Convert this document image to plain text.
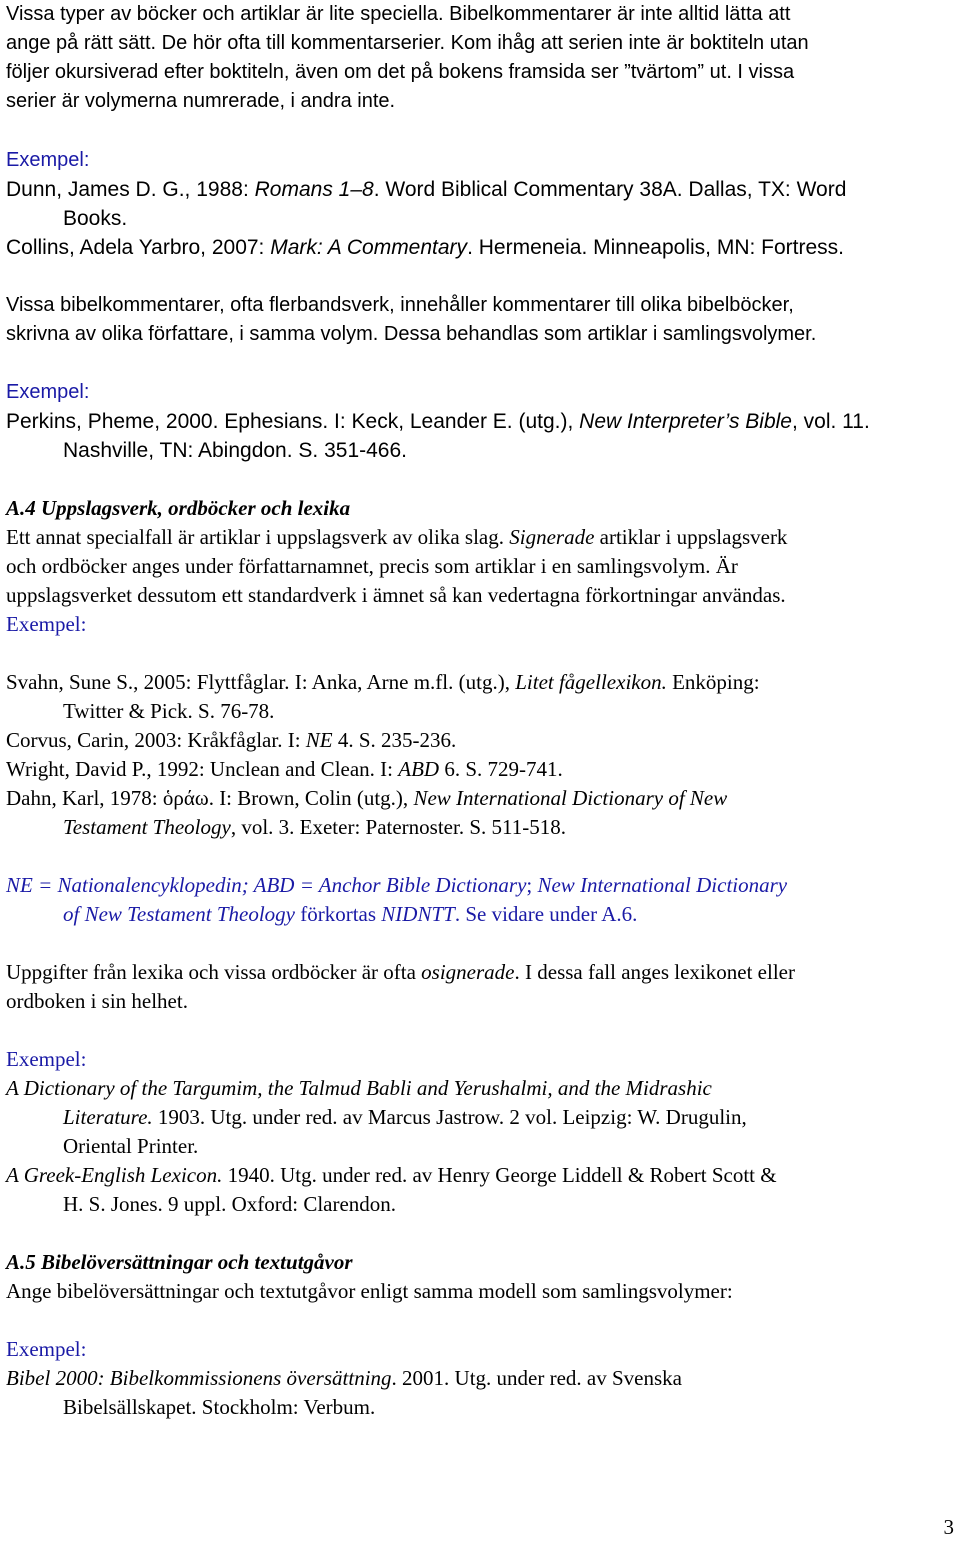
Vissa typer av böcker och artiklar är lite speciella. Bibelkommentarer är inte alltid lätta att
ange på rätt sätt. De hör ofta till kommentarserier. Kom ihåg att serien inte är boktiteln utan
följer okursiverad efter boktiteln, även om det på bokens framsida ser ”tvärtom” ut. I vissa
serier är volymerna numrerade, i andra inte.
Exempel:
Dunn, James D. G., 1988: Romans 1–8. Word Biblical Commentary 38A. Dallas, TX: Word
Books.
Collins, Adela Yarbro, 2007: Mark: A Commentary. Hermeneia. Minneapolis, MN: Fortress.
Vissa bibelkommentarer, ofta flerbandsverk, innehåller kommentarer till olika bibelböcker,
skrivna av olika författare, i samma volym. Dessa behandlas som artiklar i samlingsvolymer.
Exempel:
Perkins, Pheme, 2000. Ephesians. I: Keck, Leander E. (utg.), New Interpreter’s Bible, vol. 11.
Nashville, TN: Abingdon. S. 351-466.
A.4 Uppslagsverk, ordböcker och lexika
Ett annat specialfall är artiklar i uppslagsverk av olika slag. Signerade artiklar i uppslagsverk
och ordböcker anges under författarnamnet, precis som artiklar i en samlingsvolym. Är
uppslagsverket dessutom ett standardverk i ämnet så kan vedertagna förkortningar användas.
Exempel:
Svahn, Sune S., 2005: Flyttfåglar. I: Anka, Arne m.fl. (utg.), Litet fågellexikon. Enköping:
Twitter & Pick. S. 76-78.
Corvus, Carin, 2003: Kråkfåglar. I: NE 4. S. 235-236.
Wright, David P., 1992: Unclean and Clean. I: ABD 6. S. 729-741.
Dahn, Karl, 1978: ὁράω. I: Brown, Colin (utg.), New International Dictionary of New
Testament Theology, vol. 3. Exeter: Paternoster. S. 511-518.
NE = Nationalencyklopedin; ABD = Anchor Bible Dictionary; New International Dictionary
of New Testament Theology förkortas NIDNTT. Se vidare under A.6.
Uppgifter från lexika och vissa ordböcker är ofta osignerade. I dessa fall anges lexikonet eller
ordboken i sin helhet.
Exempel:
A Dictionary of the Targumim, the Talmud Babli and Yerushalmi, and the Midrashic
Literature. 1903. Utg. under red. av Marcus Jastrow. 2 vol. Leipzig: W. Drugulin,
Oriental Printer.
A Greek-English Lexicon. 1940. Utg. under red. av Henry George Liddell & Robert Scott &
H. S. Jones. 9 uppl. Oxford: Clarendon.
A.5 Bibelöversättningar och textutgåvor
Ange bibelöversättningar och textutgåvor enligt samma modell som samlingsvolymer:
Exempel:
Bibel 2000: Bibelkommissionens översättning. 2001. Utg. under red. av Svenska
Bibelsällskapet. Stockholm: Verbum.
3
